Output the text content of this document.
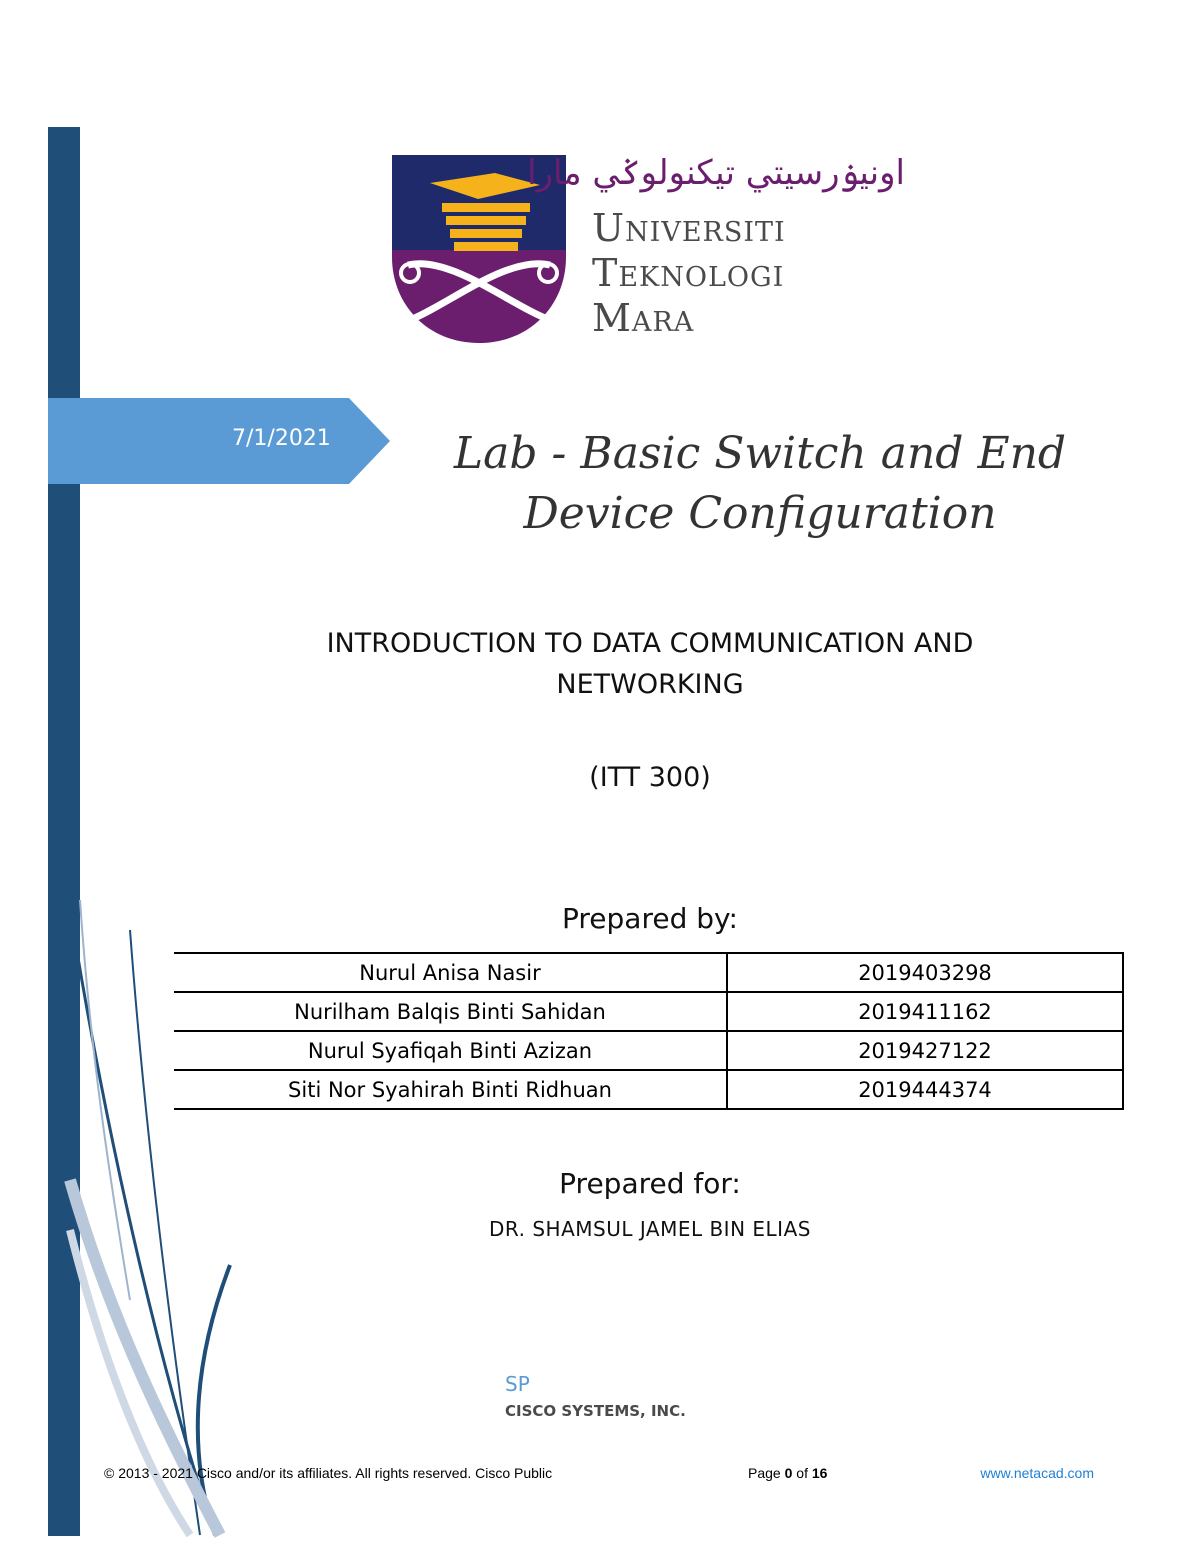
7/1/2021
اونيۏرسيتي تيکنولوݢي مارا
Universiti
Teknologi
Mara
Lab - Basic Switch and End
Device Configuration
INTRODUCTION TO DATA COMMUNICATION AND
NETWORKING
(ITT 300)
Prepared by:
Nurul Anisa Nasir	2019403298
Nurilham Balqis Binti Sahidan	2019411162
Nurul Syafiqah Binti Azizan	2019427122
Siti Nor Syahirah Binti Ridhuan	2019444374
Prepared for:
DR. SHAMSUL JAMEL BIN ELIAS
SP
CISCO SYSTEMS, INC.
© 2013 - 2021 Cisco and/or its affiliates. All rights reserved. Cisco Public	Page 0 of 16	www.netacad.com
